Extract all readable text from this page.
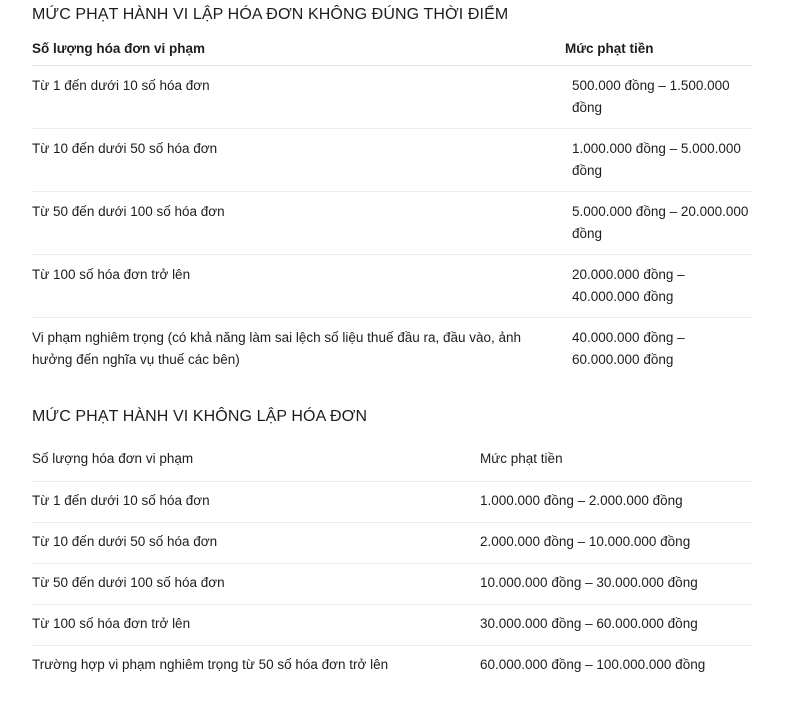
MỨC PHẠT HÀNH VI LẬP HÓA ĐƠN KHÔNG ĐÚNG THỜI ĐIỂM
Số lượng hóa đơn vi phạm	Mức phạt tiền
Từ 1 đến dưới 10 số hóa đơn	500.000 đồng – 1.500.000 đồng
Từ 10 đến dưới 50 số hóa đơn	1.000.000 đồng – 5.000.000 đồng
Từ 50 đến dưới 100 số hóa đơn	5.000.000 đồng – 20.000.000 đồng
Từ 100 số hóa đơn trở lên	20.000.000 đồng – 40.000.000 đồng
Vi phạm nghiêm trọng (có khả năng làm sai lệch số liệu thuế đầu ra, đầu vào, ảnh hưởng đến nghĩa vụ thuế các bên)	40.000.000 đồng – 60.000.000 đồng
MỨC PHẠT HÀNH VI KHÔNG LẬP HÓA ĐƠN
Số lượng hóa đơn vi phạm	Mức phạt tiền
Từ 1 đến dưới 10 số hóa đơn	1.000.000 đồng – 2.000.000 đồng
Từ 10 đến dưới 50 số hóa đơn	2.000.000 đồng – 10.000.000 đồng
Từ 50 đến dưới 100 số hóa đơn	10.000.000 đồng – 30.000.000 đồng
Từ 100 số hóa đơn trở lên	30.000.000 đồng – 60.000.000 đồng
Trường hợp vi phạm nghiêm trọng từ 50 số hóa đơn trở lên	60.000.000 đồng – 100.000.000 đồng
